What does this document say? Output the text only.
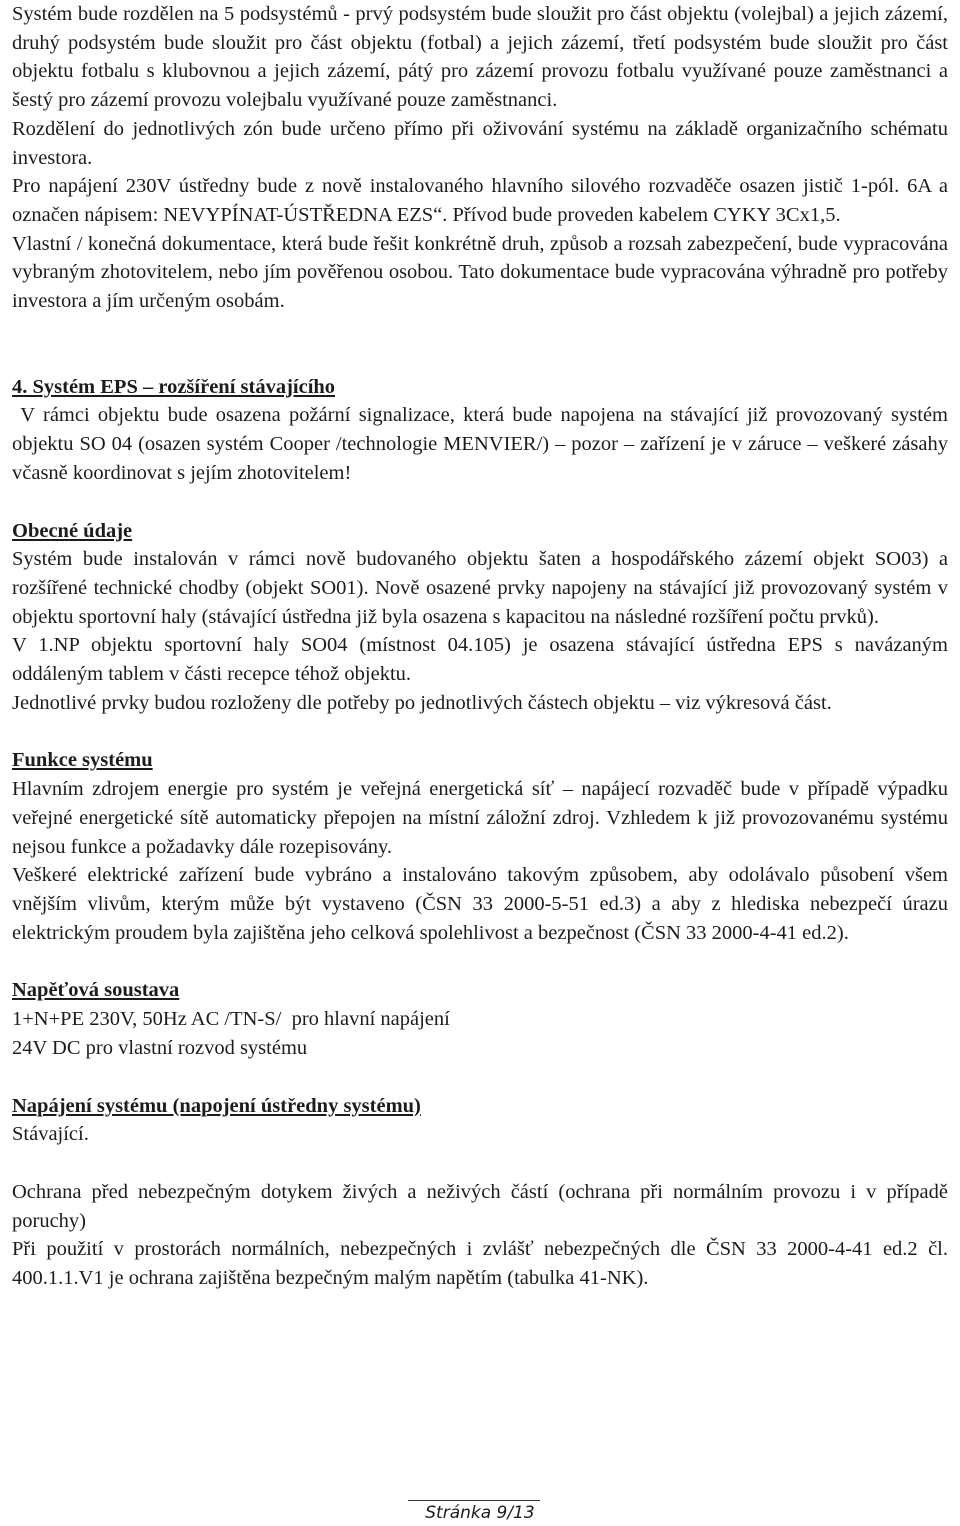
Systém bude rozdělen na 5 podsystémů - prvý podsystém bude sloužit pro část objektu (volejbal) a jejich zázemí, druhý podsystém bude sloužit pro část objektu (fotbal) a jejich zázemí, třetí podsystém bude sloužit pro část objektu fotbalu s klubovnou a jejich zázemí, pátý pro zázemí provozu fotbalu využívané pouze zaměstnanci a šestý pro zázemí provozu volejbalu využívané pouze zaměstnanci.

Rozdělení do jednotlivých zón bude určeno přímo při oživování systému na základě organizačního schématu investora.

Pro napájení 230V ústředny bude z nově instalovaného hlavního silového rozvaděče osazen jistič 1-pól. 6A a označen nápisem: NEVYPÍNAT-ÚSTŘEDNA EZS“. Přívod bude proveden kabelem CYKY 3Cx1,5.

Vlastní / konečná dokumentace, která bude řešit konkrétně druh, způsob a rozsah zabezpečení, bude vypracována vybraným zhotovitelem, nebo jím pověřenou osobou. Tato dokumentace bude vypracována výhradně pro potřeby investora a jím určeným osobám.

4. Systém EPS – rozšíření stávajícího

V rámci objektu bude osazena požární signalizace, která bude napojena na stávající již provozovaný systém objektu SO 04 (osazen systém Cooper /technologie MENVIER/) – pozor – zařízení je v záruce – veškeré zásahy včasně koordinovat s jejím zhotovitelem!

Obecné údaje

Systém bude instalován v rámci nově budovaného objektu šaten a hospodářského zázemí objekt SO03) a rozšířené technické chodby (objekt SO01). Nově osazené prvky napojeny na stávající již provozovaný systém v objektu sportovní haly (stávající ústředna již byla osazena s kapacitou na následné rozšíření počtu prvků).

V 1.NP objektu sportovní haly SO04 (místnost 04.105) je osazena stávající ústředna EPS s navázaným oddáleným tablem v části recepce téhož objektu.

Jednotlivé prvky budou rozloženy dle potřeby po jednotlivých částech objektu – viz výkresová část.

Funkce systému

Hlavním zdrojem energie pro systém je veřejná energetická síť – napájecí rozvaděč bude v případě výpadku veřejné energetické sítě automaticky přepojen na místní záložní zdroj. Vzhledem k již provozovanému systému nejsou funkce a požadavky dále rozepisovány.

Veškeré elektrické zařízení bude vybráno a instalováno takovým způsobem, aby odolávalo působení všem vnějším vlivům, kterým může být vystaveno (ČSN 33 2000-5-51 ed.3) a aby z hlediska nebezpečí úrazu elektrickým proudem byla zajištěna jeho celková spolehlivost a bezpečnost (ČSN 33 2000-4-41 ed.2).

Napěťová soustava

1+N+PE 230V, 50Hz AC /TN-S/  pro hlavní napájení

24V DC pro vlastní rozvod systému

Napájení systému (napojení ústředny systému)

Stávající.

Ochrana před nebezpečným dotykem živých a neživých částí (ochrana při normálním provozu i v případě poruchy)

Při použití v prostorách normálních, nebezpečných i zvlášť nebezpečných dle ČSN 33 2000-4-41 ed.2 čl. 400.1.1.V1 je ochrana zajištěna bezpečným malým napětím (tabulka 41-NK).

Stránka 9/13
